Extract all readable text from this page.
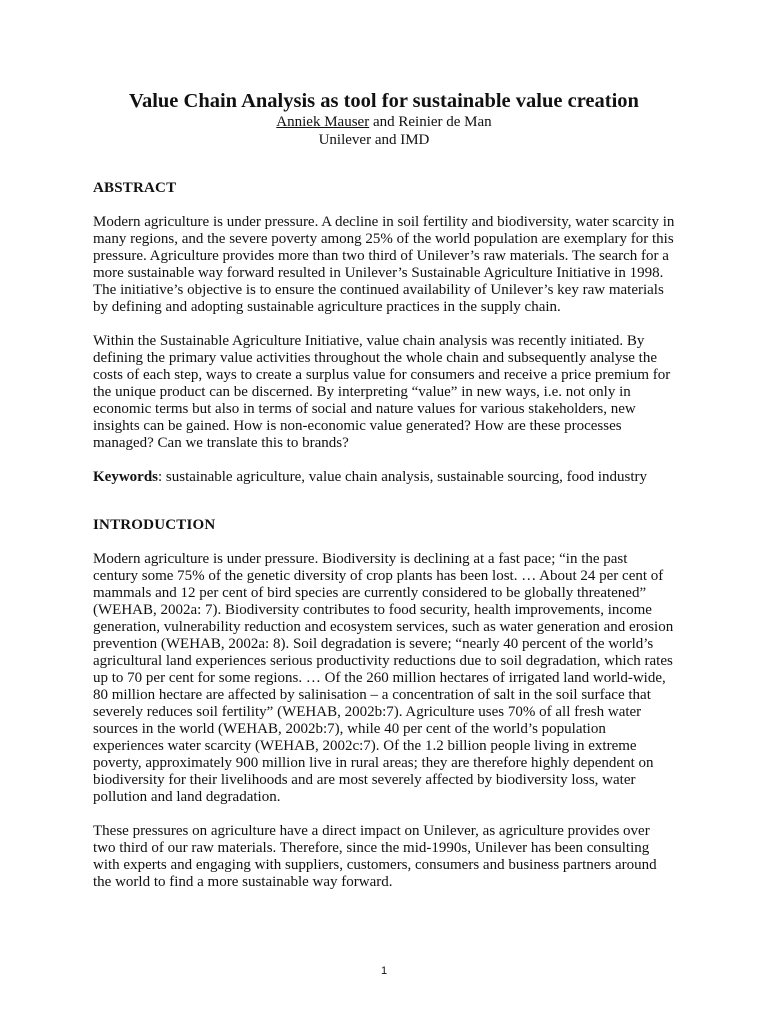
Value Chain Analysis as tool for sustainable value creation
Anniek Mauser and Reinier de Man
Unilever and IMD
ABSTRACT

Modern agriculture is under pressure. A decline in soil fertility and biodiversity, water scarcity in many regions, and the severe poverty among 25% of the world population are exemplary for this pressure. Agriculture provides more than two third of Unilever’s raw materials. The search for a more sustainable way forward resulted in Unilever’s Sustainable Agriculture Initiative in 1998. The initiative’s objective is to ensure the continued availability of Unilever’s key raw materials by defining and adopting sustainable agriculture practices in the supply chain.

Within the Sustainable Agriculture Initiative, value chain analysis was recently initiated. By defining the primary value activities throughout the whole chain and subsequently analyse the costs of each step, ways to create a surplus value for consumers and receive a price premium for the unique product can be discerned. By interpreting “value” in new ways, i.e. not only in economic terms but also in terms of social and nature values for various stakeholders, new insights can be gained. How is non-economic value generated? How are these processes managed? Can we translate this to brands?

Keywords: sustainable agriculture, value chain analysis, sustainable sourcing, food industry

INTRODUCTION

Modern agriculture is under pressure. Biodiversity is declining at a fast pace; “in the past century some 75% of the genetic diversity of crop plants has been lost. … About 24 per cent of mammals and 12 per cent of bird species are currently considered to be globally threatened” (WEHAB, 2002a: 7). Biodiversity contributes to food security, health improvements, income generation, vulnerability reduction and ecosystem services, such as water generation and erosion prevention (WEHAB, 2002a: 8). Soil degradation is severe; “nearly 40 percent of the world’s agricultural land experiences serious productivity reductions due to soil degradation, which rates up to 70 per cent for some regions. … Of the 260 million hectares of irrigated land world-wide, 80 million hectare are affected by salinisation – a concentration of salt in the soil surface that severely reduces soil fertility” (WEHAB, 2002b:7). Agriculture uses 70% of all fresh water sources in the world (WEHAB, 2002b:7), while 40 per cent of the world’s population experiences water scarcity (WEHAB, 2002c:7). Of the 1.2 billion people living in extreme poverty, approximately 900 million live in rural areas; they are therefore highly dependent on biodiversity for their livelihoods and are most severely affected by biodiversity loss, water pollution and land degradation.

These pressures on agriculture have a direct impact on Unilever, as agriculture provides over two third of our raw materials. Therefore, since the mid-1990s, Unilever has been consulting with experts and engaging with suppliers, customers, consumers and business partners around the world to find a more sustainable way forward.

1
